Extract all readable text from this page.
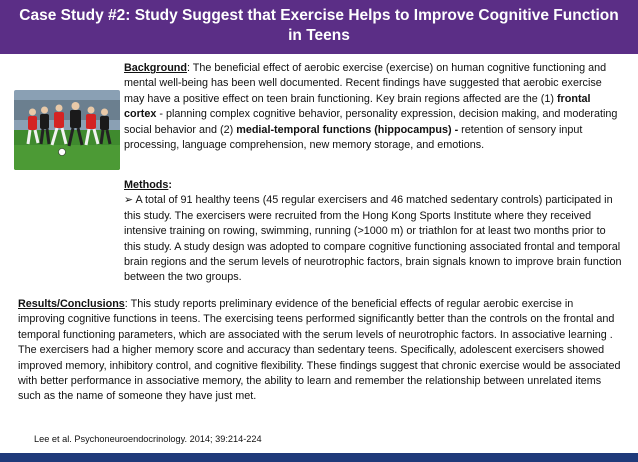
Case Study #2: Study Suggest that Exercise Helps to Improve Cognitive Function
in Teens
Background: The beneficial effect of aerobic exercise (exercise) on human cognitive functioning and mental well-being has been well documented. Recent findings have suggested that aerobic exercise may have a positive effect on teen brain functioning. Key brain regions affected are the (1) frontal cortex - planning complex cognitive behavior, personality expression, decision making, and moderating social behavior and (2) medial-temporal functions (hippocampus) - retention of sensory input processing, language comprehension, new memory storage, and emotions.
Methods:
➢ A total of 91 healthy teens (45 regular exercisers and 46 matched sedentary controls) participated in this study. The exercisers were recruited from the Hong Kong Sports Institute where they received intensive training on rowing, swimming, running (>1000 m) or triathlon for at least two months prior to this study. A study design was adopted to compare cognitive functioning associated frontal and temporal brain regions and the serum levels of neurotrophic factors, brain signals known to improve brain function between the two groups.
Results/Conclusions: This study reports preliminary evidence of the beneficial effects of regular aerobic exercise in improving cognitive functions in teens. The exercising teens performed significantly better than the controls on the frontal and temporal functioning parameters, which are associated with the serum levels of neurotrophic factors. In associative learning . The exercisers had a higher memory score and accuracy than sedentary teens. Specifically, adolescent exercisers showed improved memory, inhibitory control, and cognitive flexibility. These findings suggest that chronic exercise would be associated with better performance in associative memory, the ability to learn and remember the relationship between unrelated items such as the name of someone they have just met.
Lee et al. Psychoneuroendocrinology. 2014; 39:214-224
